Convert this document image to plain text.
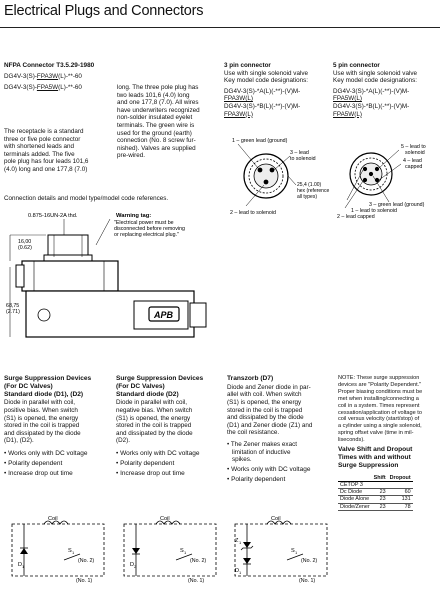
Electrical Plugs and Connectors
NFPA Connector T3.5.29-1980
DG4V-3(S)-FPA3W(L)-**-60
DG4V-3(S)-FPA5W(L)-**-60
The receptacle is a standard
three or five pole connector
with shortened leads and
terminals added. The five
pole plug has four leads 101,6
(4.0) long and one 177,8 (7.0)
long. The three pole plug has
two leads 101,6 (4.0) long
and one 177,8 (7.0). All wires
have underwriters recognized
non-solder insulated eyelet
terminals. The green wire is
used for the ground (earth)
connection (No. 8 screw fur-
nished). Valves are supplied
pre-wired.
3 pin connector
Use with single solenoid valve
Key model code designations:
DG4V-3(S)-*A(L)(-**)-(V)M-
FPA3W(L)
DG4V-3(S)-*B(L)(-**)-(V)M-
FPA3W(L)
5 pin connector
Use with single solenoid valve
Key model code designations:
DG4V-3(S)-*A(L)(-**)-(V)M-
FPA5W(L)
DG4V-3(S)-*B(L)(-**)-(V)M-
FPA5W(L)
1 – green lead (ground)
3 – lead
to solenoid
25,4 (1.00)
hex (reference
all types)
2 – lead to solenoid
5 – lead to
solenoid
4 – lead
capped
3 – green lead (ground)
1 – lead to solenoid
2 – lead capped
Connection details and model type/model code references.
0.875-16UN-2A thd.	Warning tag:
"Electrical power must be
disconnected before removing
or replacing electrical plug."
APB
16,00
(0.62)
68,75
(2.71)
Surge Suppression Devices
(For DC Valves)
Standard diode (D1), (D2)
Diode in parallel with coil,
positive bias. When switch
(S1) is opened, the energy
stored in the coil is trapped
and dissipated by the diode
(D1), (D2).
• Works only with DC voltage
• Polarity dependent
• Increase drop out time
Surge Suppression Devices
(For DC Valves)
Standard diode (D2)
Diode in parallel with coil,
negative bias. When switch
(S1) is opened, the energy
stored in the coil is trapped
and dissipated by the diode
(D2).
• Works only with DC voltage
• Polarity dependent
• Increase drop out time
Transzorb (D7)
Diode and Zener diode in par-
allel with coil. When switch
(S1) is opened, the energy
stored in the coil is trapped
and dissipated by the diode
(D1) and Zener diode (Z1) and
the coil resistance.
• The Zener makes exact
limitation of inductive
spikes.
• Works only with DC voltage
• Polarity dependent
NOTE: These surge suppression
devices are "Polarity Dependent."
Proper biasing conditions must be
met when installing/connecting a
coil in a system. Times represent
cessation/application of voltage to
coil versus velocity (start/stop) of
a cylinder using a single solenoid,
spring offset valve (time in mil-
liseconds).
Valve Shift and Dropout
Times with and without
Surge Suppression
	Shift	Dropout
CETOP 3		
Dc Diode	23	60
Diode Alone	23	131
Diode/Zener	23	78
Coil
D 1
S 1
(No. 2)
(No. 1)
Coil
D 2
S 1
(No. 2)
(No. 1)
Coil
Z 1
D 1
S 1
(No. 2)
(No. 1)
